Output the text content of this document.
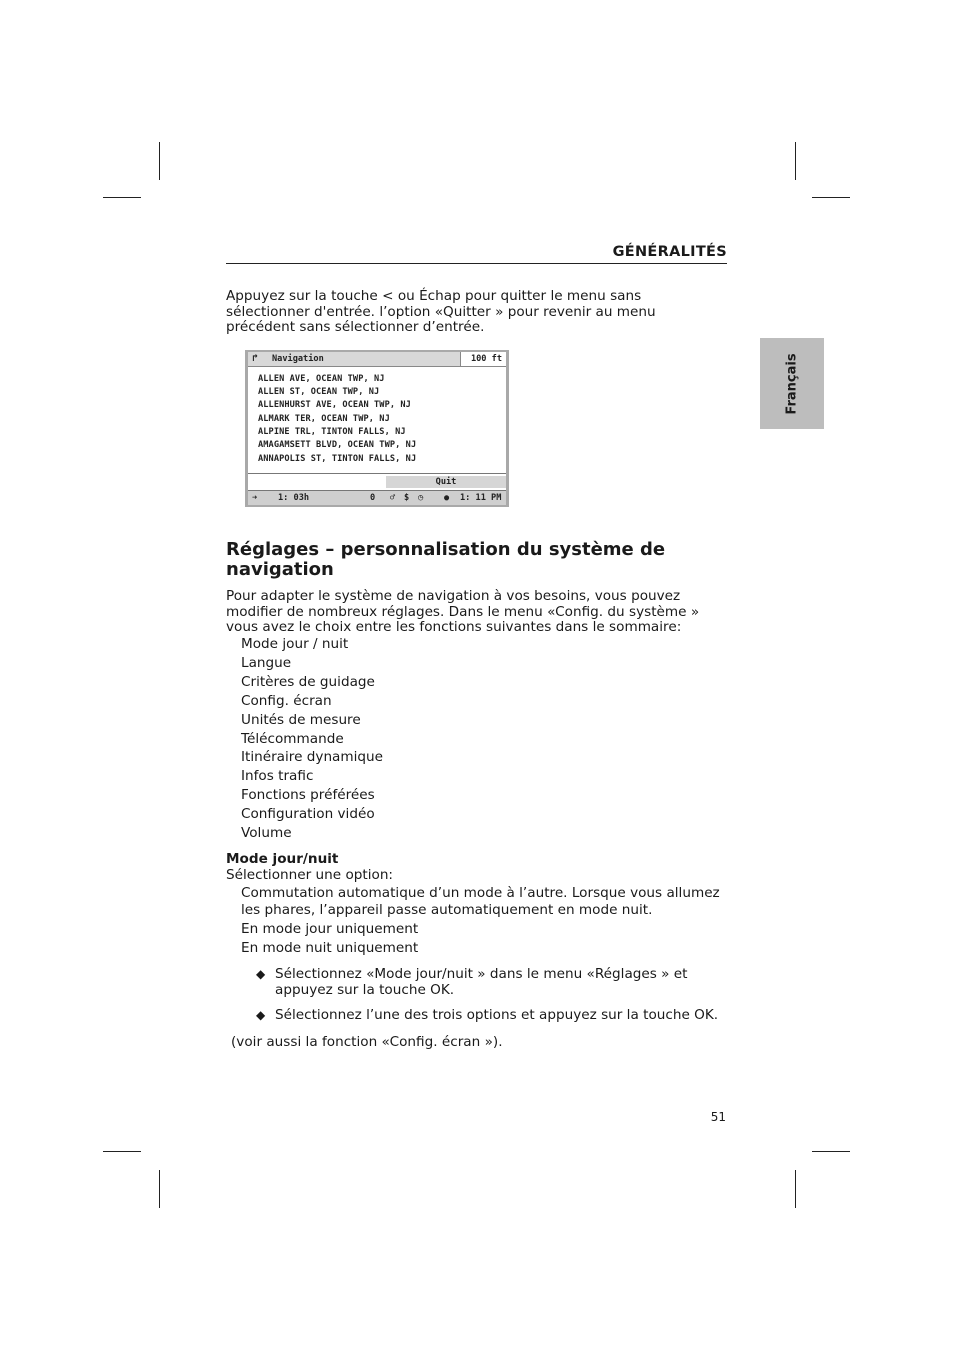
GÉNÉRALITÉS
Français

Appuyez sur la touche < ou Échap pour quitter le menu sans sélectionner d'entrée. l’option «Quitter » pour revenir au menu précédent sans sélectionner d’entrée.

↱ Navigation	100 ft
ALLEN AVE, OCEAN TWP, NJ
ALLEN ST, OCEAN TWP, NJ
ALLENHURST AVE, OCEAN TWP, NJ
ALMARK TER, OCEAN TWP, NJ
ALPINE TRL, TINTON FALLS, NJ
AMAGAMSETT BLVD, OCEAN TWP, NJ
ANNAPOLIS ST, TINTON FALLS, NJ
Quit
➜ 1: 03h	0 ♂ $ ◷ ● 1: 11 PM
Réglages – personnalisation du système de navigation

Pour adapter le système de navigation à vos besoins, vous pouvez modifier de nombreux réglages. Dans le menu «Config. du système » vous avez le choix entre les fonctions suivantes dans le sommaire:

Mode jour / nuit
Langue
Critères de guidage
Config. écran
Unités de mesure
Télécommande
Itinéraire dynamique
Infos trafic
Fonctions préférées
Configuration vidéo
Volume
Mode jour/nuit
Sélectionner une option:
Commutation automatique d’un mode à l’autre. Lorsque vous allumez
les phares, l’appareil passe automatiquement en mode nuit.
En mode jour uniquement
En mode nuit uniquement
◆ Sélectionnez «Mode jour/nuit » dans le menu «Réglages » et appuyez sur la touche OK.

◆ Sélectionnez l’une des trois options et appuyez sur la touche OK.

(voir aussi la fonction «Config. écran »).
51
